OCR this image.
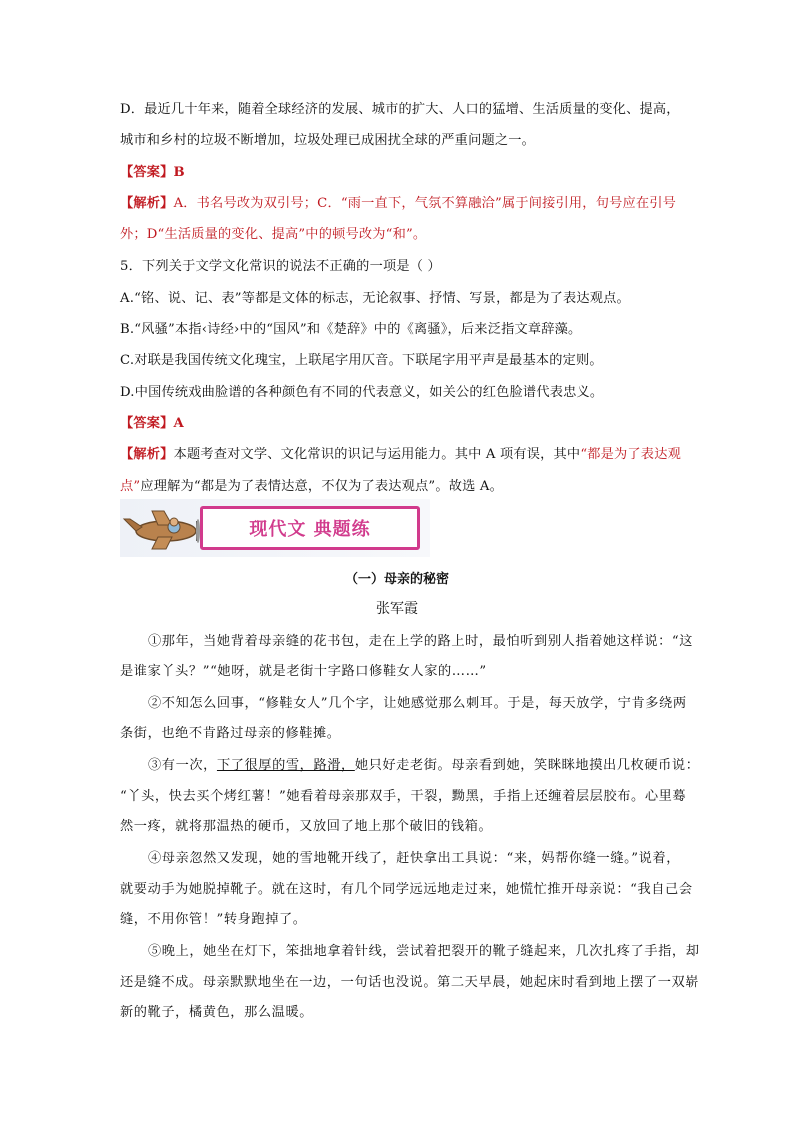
D．最近几十年来，随着全球经济的发展、城市的扩大、人口的猛增、生活质量的变化、提高，
城市和乡村的垃圾不断增加，垃圾处理已成困扰全球的严重问题之一。
【答案】B
【解析】A．书名号改为双引号；C．“雨一直下，气氛不算融洽”属于间接引用，句号应在引号
外；D“生活质量的变化、提高”中的顿号改为“和”。
5．下列关于文学文化常识的说法不正确的一项是（ ）
A.“铭、说、记、表”等都是文体的标志，无论叙事、抒情、写景，都是为了表达观点。
B.“风骚”本指‹诗经›中的“国风”和《楚辞》中的《离骚》，后来泛指文章辞藻。
C.对联是我国传统文化瑰宝，上联尾字用仄音。下联尾字用平声是最基本的定则。
D.中国传统戏曲脸谱的各种颜色有不同的代表意义，如关公的红色脸谱代表忠义。
【答案】A
【解析】本题考查对文学、文化常识的识记与运用能力。其中 A 项有误，其中“都是为了表达观
点”应理解为“都是为了表情达意，不仅为了表达观点”。故选 A。
现代文 典题练
（一）母亲的秘密
张军霞
①那年，当她背着母亲缝的花书包，走在上学的路上时，最怕听到别人指着她这样说：“这
是谁家丫头？”“她呀，就是老街十字路口修鞋女人家的……”
②不知怎么回事，“修鞋女人”几个字，让她感觉那么刺耳。于是，每天放学，宁肯多绕两
条街，也绝不肯路过母亲的修鞋摊。
③有一次，下了很厚的雪，路滑，她只好走老街。母亲看到她，笑眯眯地摸出几枚硬币说：
“丫头，快去买个烤红薯！”她看着母亲那双手，干裂，黝黑，手指上还缠着层层胶布。心里蓦
然一疼，就将那温热的硬币，又放回了地上那个破旧的钱箱。
④母亲忽然又发现，她的雪地靴开线了，赶快拿出工具说：“来，妈帮你缝一缝。”说着，
就要动手为她脱掉靴子。就在这时，有几个同学远远地走过来，她慌忙推开母亲说：“我自己会
缝，不用你管！”转身跑掉了。
⑤晚上，她坐在灯下，笨拙地拿着针线，尝试着把裂开的靴子缝起来，几次扎疼了手指，却
还是缝不成。母亲默默地坐在一边，一句话也没说。第二天早晨，她起床时看到地上摆了一双崭
新的靴子，橘黄色，那么温暖。
